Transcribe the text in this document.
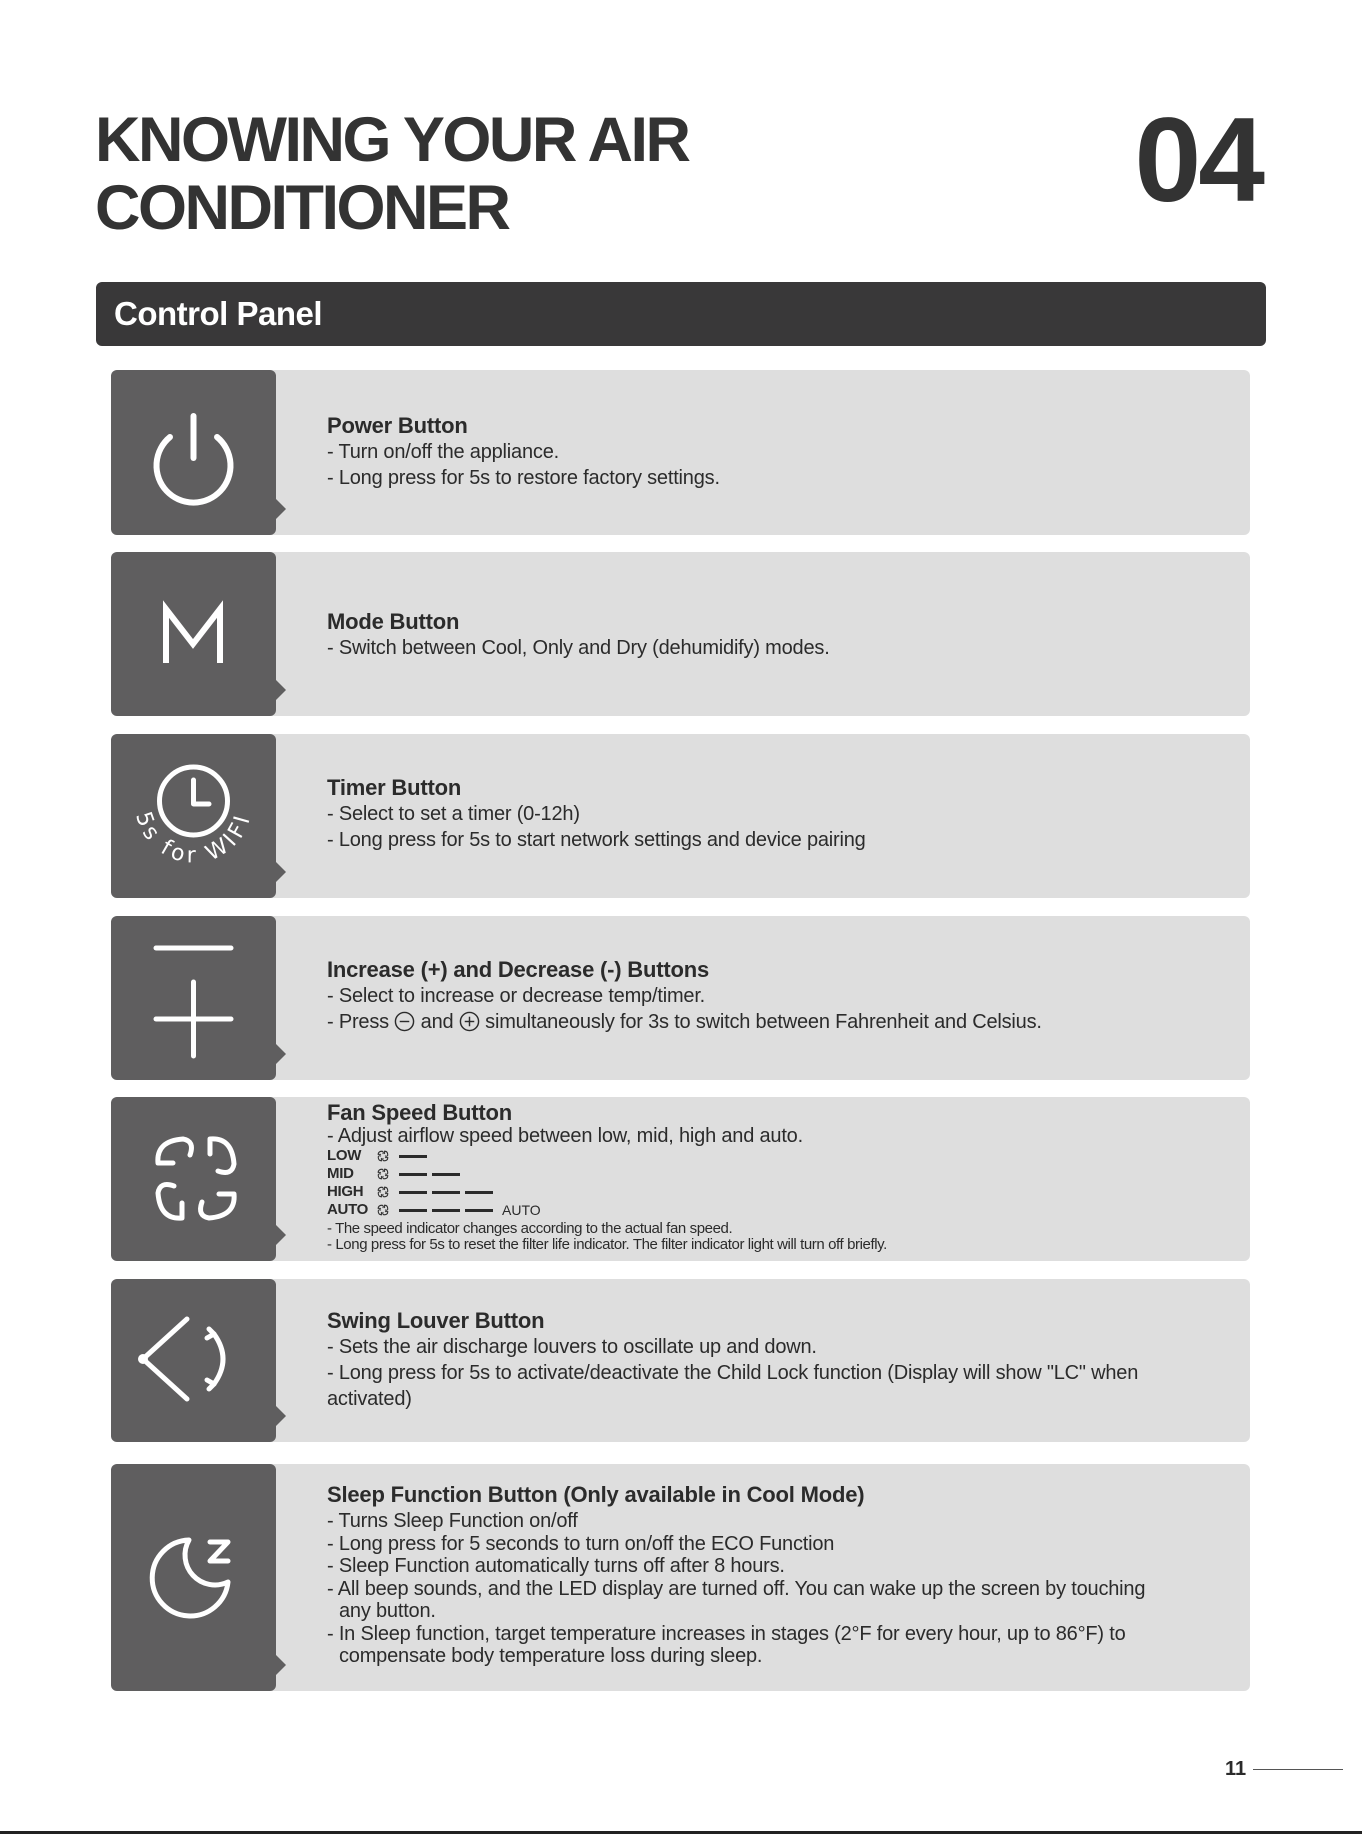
KNOWING YOUR AIR
CONDITIONER	04
Control Panel
Power Button
- Turn on/off the appliance.
- Long press for 5s to restore factory settings.
Mode Button
- Switch between Cool, Only and Dry (dehumidify) modes.
5s for WIFI
Timer Button
- Select to set a timer (0-12h)
- Long press for 5s to start network settings and device pairing
Increase (+) and Decrease (-) Buttons
- Select to increase or decrease temp/timer.
- Press and simultaneously for 3s to switch between Fahrenheit and Celsius.
Fan Speed Button
- Adjust airflow speed between low, mid, high and auto.
LOW
MID
HIGH
AUTO	AUTO
- The speed indicator changes according to the actual fan speed.
- Long press for 5s to reset the filter life indicator. The filter indicator light will turn off briefly.
Swing Louver Button
- Sets the air discharge louvers to oscillate up and down.
- Long press for 5s to activate/deactivate the Child Lock function (Display will show "LC" when activated)
Sleep Function Button (Only available in Cool Mode)
- Turns Sleep Function on/off
- Long press for 5 seconds to turn on/off the ECO Function
- Sleep Function automatically turns off after 8 hours.
- All beep sounds, and the LED display are turned off. You can wake up the screen by touching any button.
- In Sleep function, target temperature increases in stages (2°F for every hour, up to 86°F) to compensate body temperature loss during sleep.
11
